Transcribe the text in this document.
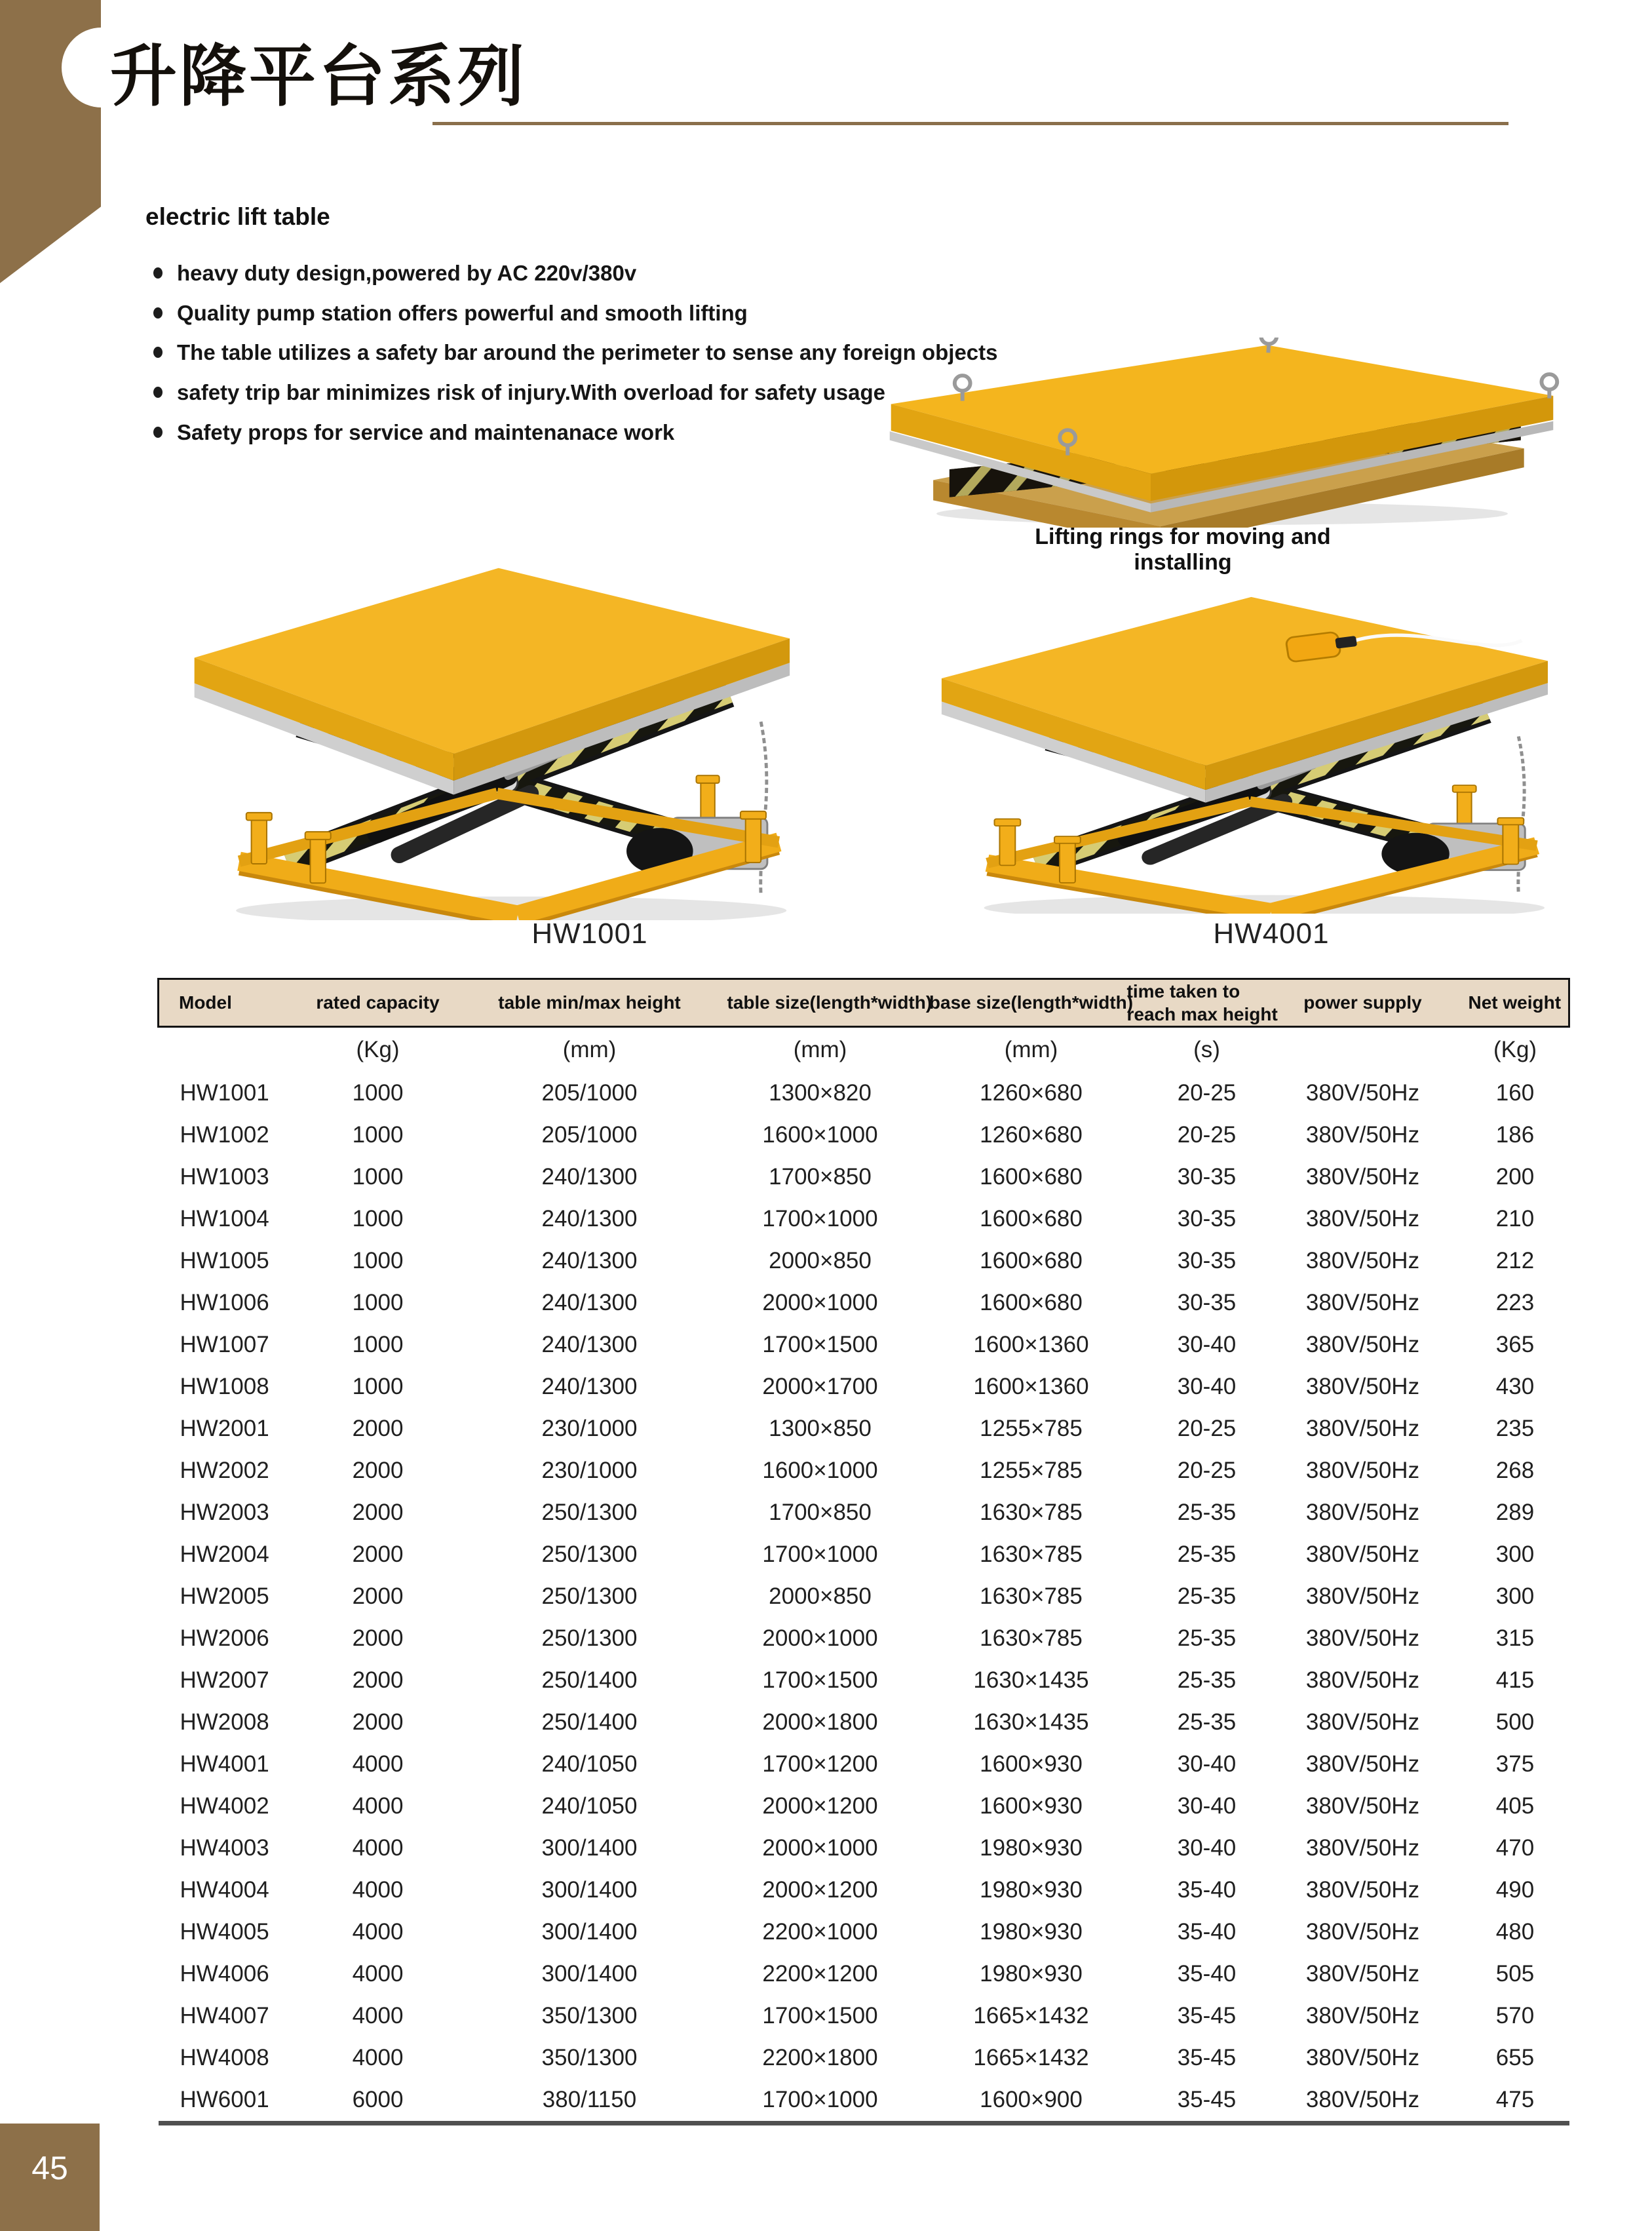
升降平台系列
electric lift table
heavy duty design,powered by AC 220v/380v
Quality pump station offers powerful and smooth lifting
The table utilizes a safety bar around the perimeter to sense any foreign objects
safety trip bar minimizes risk of injury.With overload for safety usage
Safety props for service and maintenanace work
Lifting rings for moving and installing
HW1001	HW4001
Model	rated capacity	table min/max height	table size(length*width)	base size(length*width)	time taken to reach max height	power supply	Net weight
	(Kg)	(mm)	(mm)	(mm)	(s)		(Kg)
HW1001	1000	205/1000	1300×820	1260×680	20-25	380V/50Hz	160
HW1002	1000	205/1000	1600×1000	1260×680	20-25	380V/50Hz	186
HW1003	1000	240/1300	1700×850	1600×680	30-35	380V/50Hz	200
HW1004	1000	240/1300	1700×1000	1600×680	30-35	380V/50Hz	210
HW1005	1000	240/1300	2000×850	1600×680	30-35	380V/50Hz	212
HW1006	1000	240/1300	2000×1000	1600×680	30-35	380V/50Hz	223
HW1007	1000	240/1300	1700×1500	1600×1360	30-40	380V/50Hz	365
HW1008	1000	240/1300	2000×1700	1600×1360	30-40	380V/50Hz	430
HW2001	2000	230/1000	1300×850	1255×785	20-25	380V/50Hz	235
HW2002	2000	230/1000	1600×1000	1255×785	20-25	380V/50Hz	268
HW2003	2000	250/1300	1700×850	1630×785	25-35	380V/50Hz	289
HW2004	2000	250/1300	1700×1000	1630×785	25-35	380V/50Hz	300
HW2005	2000	250/1300	2000×850	1630×785	25-35	380V/50Hz	300
HW2006	2000	250/1300	2000×1000	1630×785	25-35	380V/50Hz	315
HW2007	2000	250/1400	1700×1500	1630×1435	25-35	380V/50Hz	415
HW2008	2000	250/1400	2000×1800	1630×1435	25-35	380V/50Hz	500
HW4001	4000	240/1050	1700×1200	1600×930	30-40	380V/50Hz	375
HW4002	4000	240/1050	2000×1200	1600×930	30-40	380V/50Hz	405
HW4003	4000	300/1400	2000×1000	1980×930	30-40	380V/50Hz	470
HW4004	4000	300/1400	2000×1200	1980×930	35-40	380V/50Hz	490
HW4005	4000	300/1400	2200×1000	1980×930	35-40	380V/50Hz	480
HW4006	4000	300/1400	2200×1200	1980×930	35-40	380V/50Hz	505
HW4007	4000	350/1300	1700×1500	1665×1432	35-45	380V/50Hz	570
HW4008	4000	350/1300	2200×1800	1665×1432	35-45	380V/50Hz	655
HW6001	6000	380/1150	1700×1000	1600×900	35-45	380V/50Hz	475
45
